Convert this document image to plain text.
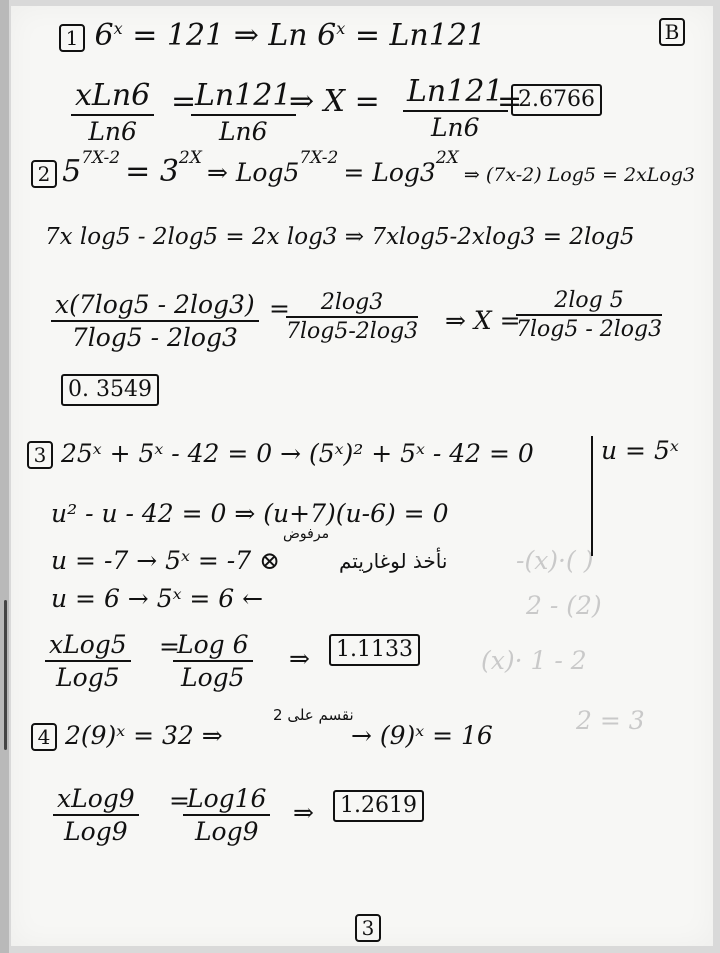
-(x)·( )
2 - (2)
(x)· 1 - 2
2 = 3
B
1 $6^x = 121$ ⇒ Ln $6^x = Ln121$
xLn6
Ln6
=
Ln121
Ln6
⇒ X = Ln121
Ln6
=
2.6766
2 57X-2 = 32X ⇒ Log57X-2 = Log32X ⇒ (7x-2) Log5 = 2xLog3
7x log5 - 2log5 = 2x log3 ⇒ 7xlog5-2xlog3 = 2log5
$\frac{x(7\log 5 - 2\log 3)}{7\log 5 - 2\log 3}$ =
$\frac{2\log 3}{7\log 5-2\log 3}$ ⇒ X =
$\frac{2\log 5}{7\log 5 - 2\log 3}$
0. 3549
3 25ˣ + 5ˣ - 42 = 0 → (5ˣ)² + 5ˣ - 42 = 0	u = 5ˣ
u² - u - 42 = 0 ⇒ (u+7)(u-6) = 0
مرفوض
u = -7 → 5ˣ = -7 ⊗	نأخذ لوغاريتم
u = 6 → 5ˣ = 6 ←
xLog5
Log5
=
Log 6
Log5
⇒	1.1133
4 2(9)ˣ = 32 ⇒
نقسم على 2
→ (9)ˣ = 16
xLog9
Log9
=
Log16
Log9
⇒	1.2619
3
